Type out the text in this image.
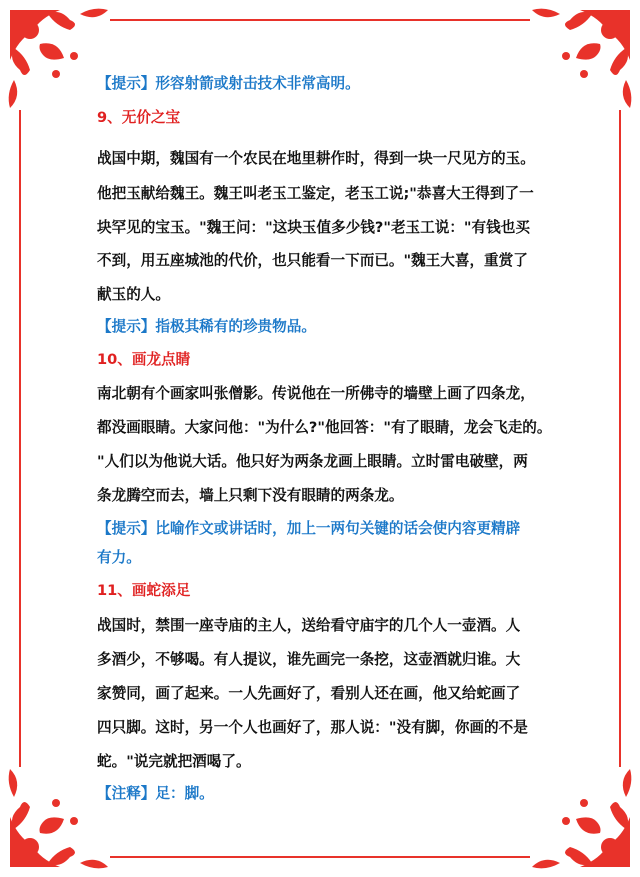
【提示】形容射箭或射击技术非常高明。
9、无价之宝
战国中期，魏国有一个农民在地里耕作时，得到一块一尺见方的玉。
他把玉献给魏王。魏王叫老玉工鉴定，老玉工说;"恭喜大王得到了一
块罕见的宝玉。"魏王问："这块玉值多少钱?"老玉工说："有钱也买
不到，用五座城池的代价，也只能看一下而已。"魏王大喜，重赏了
献玉的人。
【提示】指极其稀有的珍贵物品。
10、画龙点睛
南北朝有个画家叫张僧影。传说他在一所佛寺的墙壁上画了四条龙，
都没画眼睛。大家问他："为什么?"他回答："有了眼睛，龙会飞走的。
"人们以为他说大话。他只好为两条龙画上眼睛。立时雷电破壁，两
条龙腾空而去，墙上只剩下没有眼睛的两条龙。
【提示】比喻作文或讲话时，加上一两句关键的话会使内容更精辟
有力。
11、画蛇添足
战国时，禁围一座寺庙的主人，送给看守庙宇的几个人一壶酒。人
多酒少，不够喝。有人提议，谁先画完一条挖，这壶酒就归谁。大
家赞同，画了起来。一人先画好了，看别人还在画，他又给蛇画了
四只脚。这时，另一个人也画好了，那人说："没有脚，你画的不是
蛇。"说完就把酒喝了。
【注释】足：脚。
